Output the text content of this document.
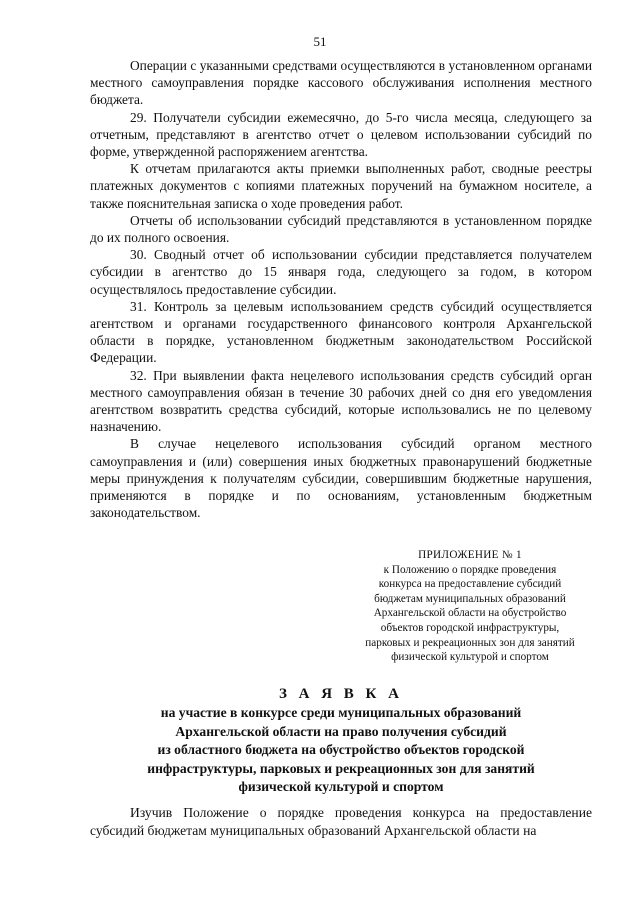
51

Операции с указанными средствами осуществляются в установленном органами местного самоуправления порядке кассового обслуживания исполнения местного бюджета.

29. Получатели субсидии ежемесячно, до 5-го числа месяца, следующего за отчетным, представляют в агентство отчет о целевом использовании субсидий по форме, утвержденной распоряжением агентства.

К отчетам прилагаются акты приемки выполненных работ, сводные реестры платежных документов с копиями платежных поручений на бумажном носителе, а также пояснительная записка о ходе проведения работ.

Отчеты об использовании субсидий представляются в установленном порядке до их полного освоения.

30. Сводный отчет об использовании субсидии представляется получателем субсидии в агентство до 15 января года, следующего за годом, в котором осуществлялось предоставление субсидии.

31. Контроль за целевым использованием средств субсидий осуществляется агентством и органами государственного финансового контроля Архангельской области в порядке, установленном бюджетным законодательством Российской Федерации.

32. При выявлении факта нецелевого использования средств субсидий орган местного самоуправления обязан в течение 30 рабочих дней со дня его уведомления агентством возвратить средства субсидий, которые использовались не по целевому назначению.

В случае нецелевого использования субсидий органом местного самоуправления и (или) совершения иных бюджетных правонарушений бюджетные меры принуждения к получателям субсидии, совершившим бюджетные нарушения, применяются в порядке и по основаниям, установленным бюджетным законодательством.

ПРИЛОЖЕНИЕ № 1
к Положению о порядке проведения
конкурса на предоставление субсидий
бюджетам муниципальных образований
Архангельской области на обустройство
объектов городской инфраструктуры,
парковых и рекреационных зон для занятий
физической культурой и спортом
З А Я В К А
на участие в конкурсе среди муниципальных образований
Архангельской области на право получения субсидий
из областного бюджета на обустройство объектов городской
инфраструктуры, парковых и рекреационных зон для занятий
физической культурой и спортом

Изучив Положение о порядке проведения конкурса на предоставление субсидий бюджетам муниципальных образований Архангельской области на
